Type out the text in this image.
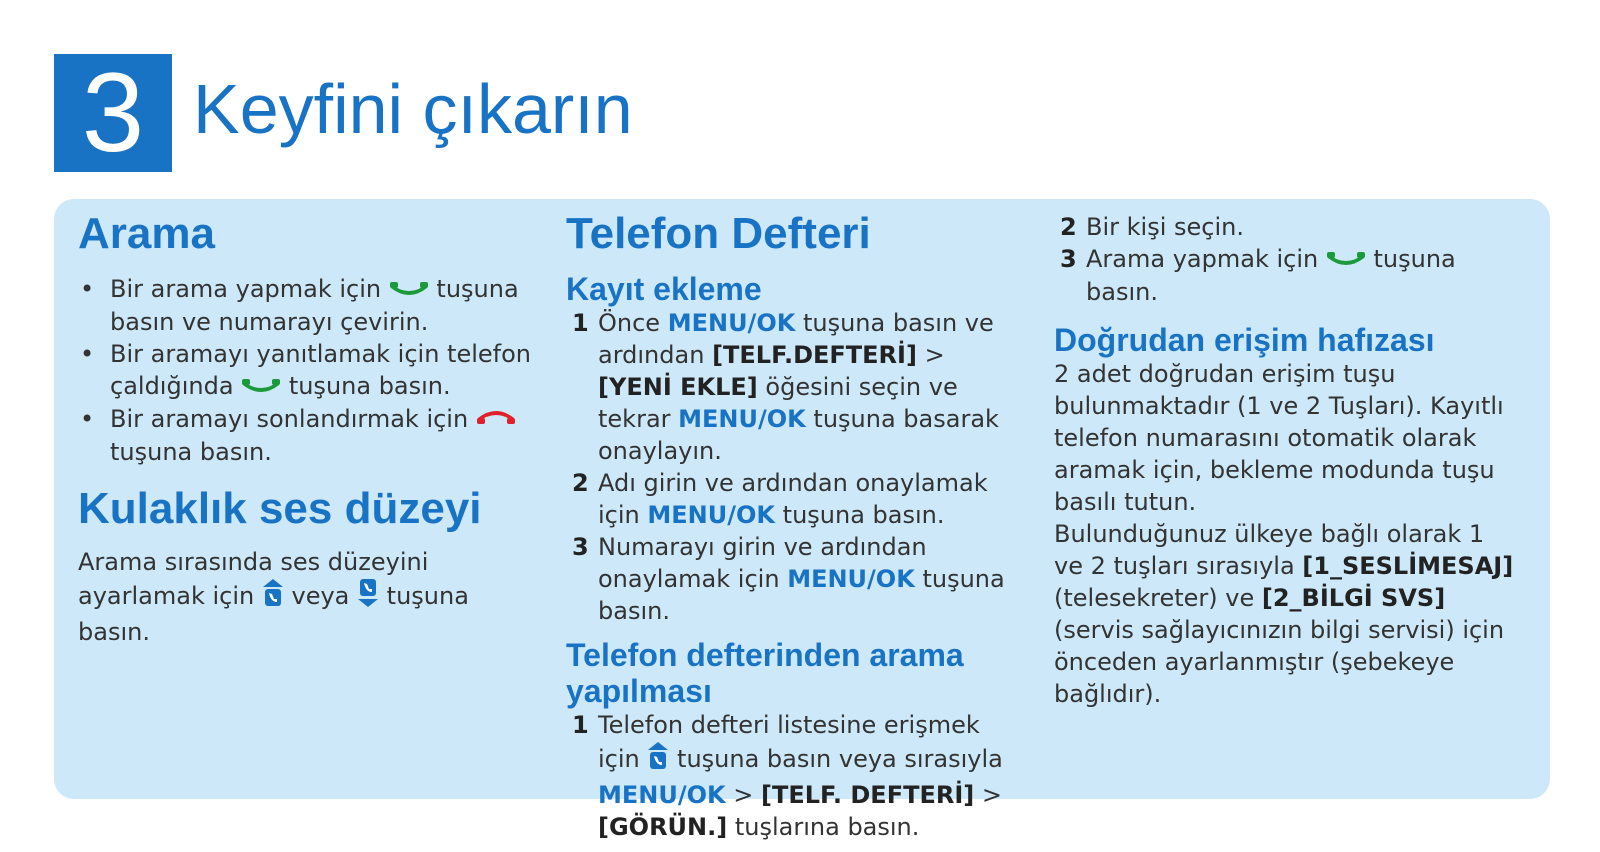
3 Keyfini çıkarın
Arama
• Bir arama yapmak için tuşuna basın ve numarayı çevirin.
• Bir aramayı yanıtlamak için telefon çaldığında tuşuna basın.
• Bir aramayı sonlandırmak için  tuşuna basın.
Kulaklık ses düzeyi

Arama sırasında ses düzeyini ayarlamak için veya tuşuna basın.

Telefon Defteri
Kayıt ekleme
1 Önce MENU/OK tuşuna basın ve ardından [TELF.DEFTERİ] > [YENİ EKLE] öğesini seçin ve tekrar MENU/OK tuşuna basarak onaylayın.
2 Adı girin ve ardından onaylamak için MENU/OK tuşuna basın.
3 Numarayı girin ve ardından onaylamak için MENU/OK tuşuna basın.
Telefon defterinden arama yapılması
1 Telefon defteri listesine erişmek için tuşuna basın veya sırasıyla MENU/OK > [TELF. DEFTERİ] > [GÖRÜN.] tuşlarına basın.
2 Bir kişi seçin.
3 Arama yapmak için tuşuna basın.
Doğrudan erişim hafızası

2 adet doğrudan erişim tuşu bulunmaktadır (1 ve 2 Tuşları). Kayıtlı telefon numarasını otomatik olarak aramak için, bekleme modunda tuşu basılı tutun.

Bulunduğunuz ülkeye bağlı olarak 1 ve 2 tuşları sırasıyla [1_SESLİMESAJ] (telesekreter) ve [2_BİLGİ SVS] (servis sağlayıcınızın bilgi servisi) için önceden ayarlanmıştır (şebekeye bağlıdır).
